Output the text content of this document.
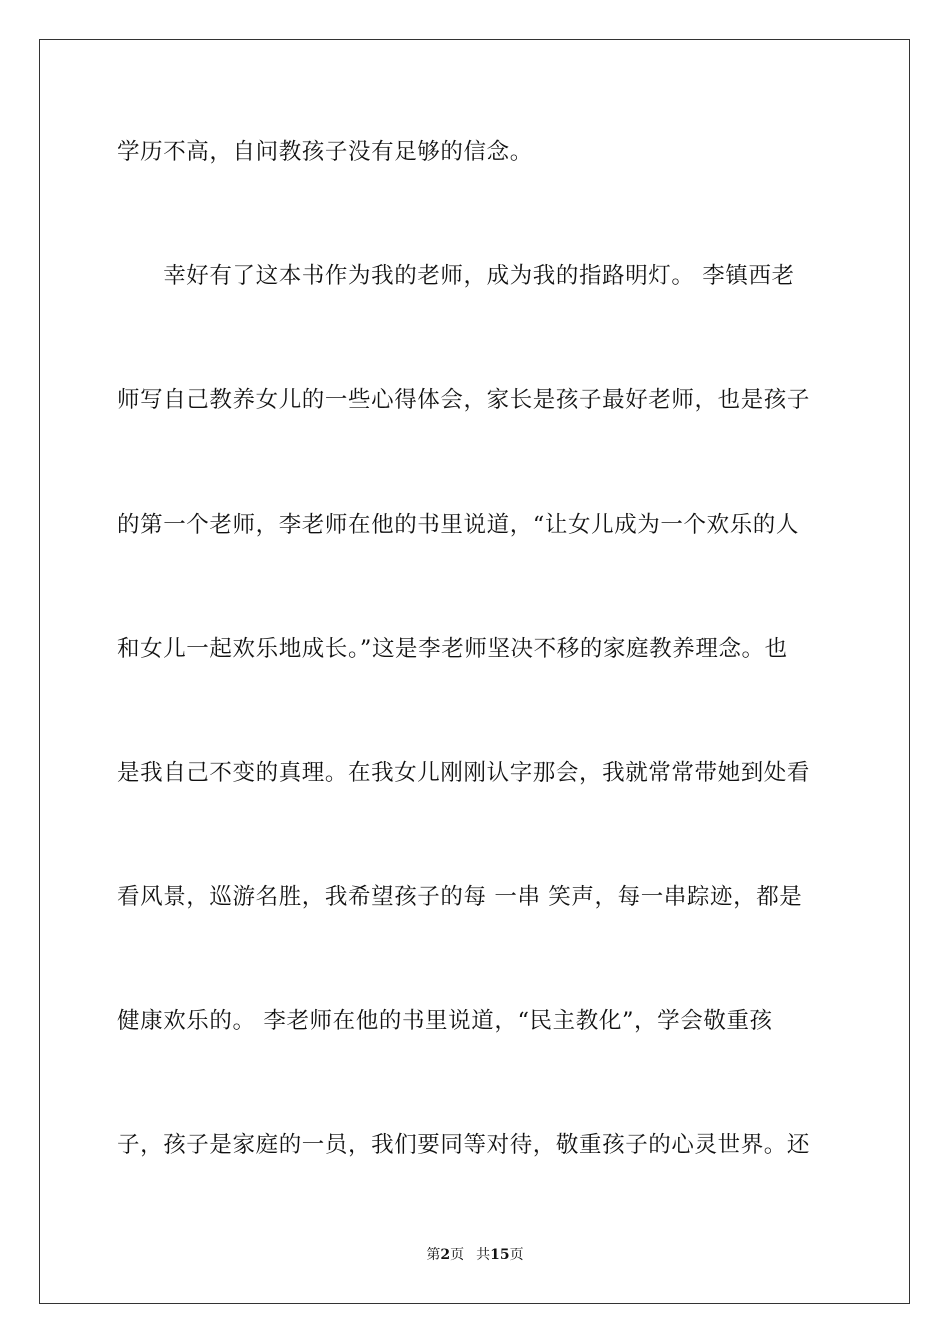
学历不高，自问教孩子没有足够的信念。
　　幸好有了这本书作为我的老师，成为我的指路明灯。 李镇西老
师写自己教养女儿的一些心得体会，家长是孩子最好老师，也是孩子
的第一个老师，李老师在他的书里说道，“让女儿成为一个欢乐的人
和女儿一起欢乐地成长。”这是李老师坚决不移的家庭教养理念。也
是我自己不变的真理。在我女儿刚刚认字那会，我就常常带她到处看
看风景，巡游名胜，我希望孩子的每 一串 笑声，每一串踪迹，都是
健康欢乐的。 李老师在他的书里说道，“民主教化”，学会敬重孩
子，孩子是家庭的一员，我们要同等对待，敬重孩子的心灵世界。还
第2页 共15页
